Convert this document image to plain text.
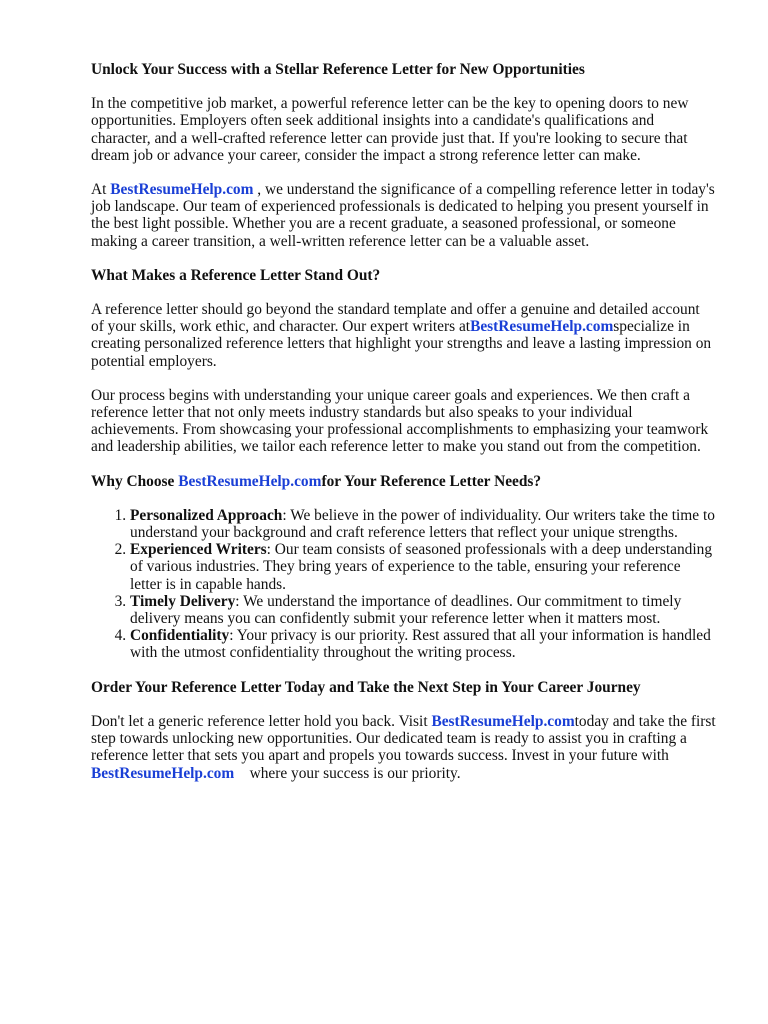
Unlock Your Success with a Stellar Reference Letter for New Opportunities

In the competitive job market, a powerful reference letter can be the key to opening doors to new opportunities. Employers often seek additional insights into a candidate's qualifications and character, and a well-crafted reference letter can provide just that. If you're looking to secure that dream job or advance your career, consider the impact a strong reference letter can make.

At BestResumeHelp.com , we understand the significance of a compelling reference letter in today's job landscape. Our team of experienced professionals is dedicated to helping you present yourself in the best light possible. Whether you are a recent graduate, a seasoned professional, or someone making a career transition, a well-written reference letter can be a valuable asset.

What Makes a Reference Letter Stand Out?

A reference letter should go beyond the standard template and offer a genuine and detailed account of your skills, work ethic, and character. Our expert writers atBestResumeHelp.comspecialize in creating personalized reference letters that highlight your strengths and leave a lasting impression on potential employers.

Our process begins with understanding your unique career goals and experiences. We then craft a reference letter that not only meets industry standards but also speaks to your individual achievements. From showcasing your professional accomplishments to emphasizing your teamwork and leadership abilities, we tailor each reference letter to make you stand out from the competition.

Why Choose BestResumeHelp.comfor Your Reference Letter Needs?
1. Personalized Approach: We believe in the power of individuality. Our writers take the time to understand your background and craft reference letters that reflect your unique strengths.
2. Experienced Writers: Our team consists of seasoned professionals with a deep understanding of various industries. They bring years of experience to the table, ensuring your reference letter is in capable hands.
3. Timely Delivery: We understand the importance of deadlines. Our commitment to timely delivery means you can confidently submit your reference letter when it matters most.
4. Confidentiality: Your privacy is our priority. Rest assured that all your information is handled with the utmost confidentiality throughout the writing process.
Order Your Reference Letter Today and Take the Next Step in Your Career Journey

Don't let a generic reference letter hold you back. Visit BestResumeHelp.comtoday and take the first step towards unlocking new opportunities. Our dedicated team is ready to assist you in crafting a reference letter that sets you apart and propels you towards success. Invest in your future with BestResumeHelp.com    where your success is our priority.
